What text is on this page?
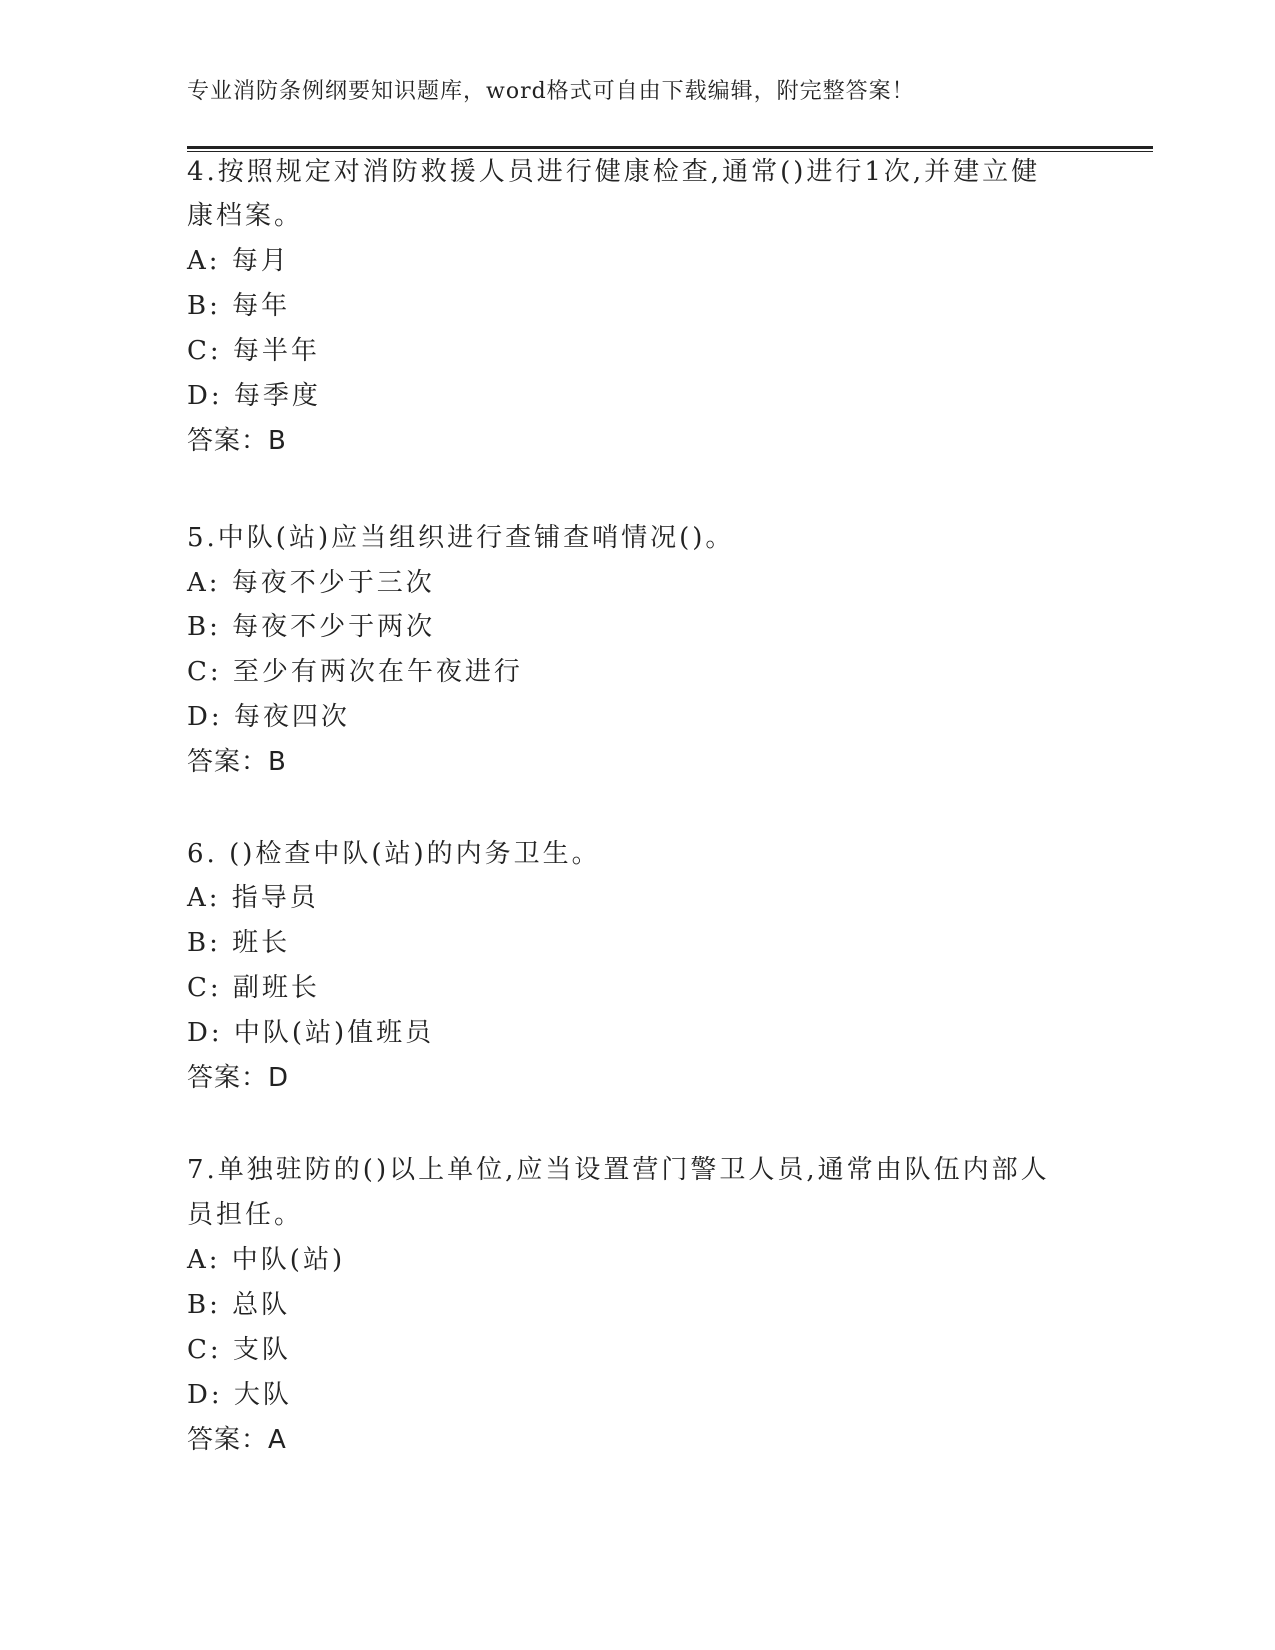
专业消防条例纲要知识题库，word格式可自由下载编辑，附完整答案！
4.按照规定对消防救援人员进行健康检查,通常()进行1次,并建立健
康档案。
A: 每月
B: 每年
C: 每半年
D: 每季度
答案：B
5.中队(站)应当组织进行查铺查哨情况()。
A: 每夜不少于三次
B: 每夜不少于两次
C: 至少有两次在午夜进行
D: 每夜四次
答案：B
6. ()检查中队(站)的内务卫生。
A: 指导员
B: 班长
C: 副班长
D: 中队(站)值班员
答案：D
7.单独驻防的()以上单位,应当设置营门警卫人员,通常由队伍内部人
员担任。
A: 中队(站)
B: 总队
C: 支队
D: 大队
答案：A
